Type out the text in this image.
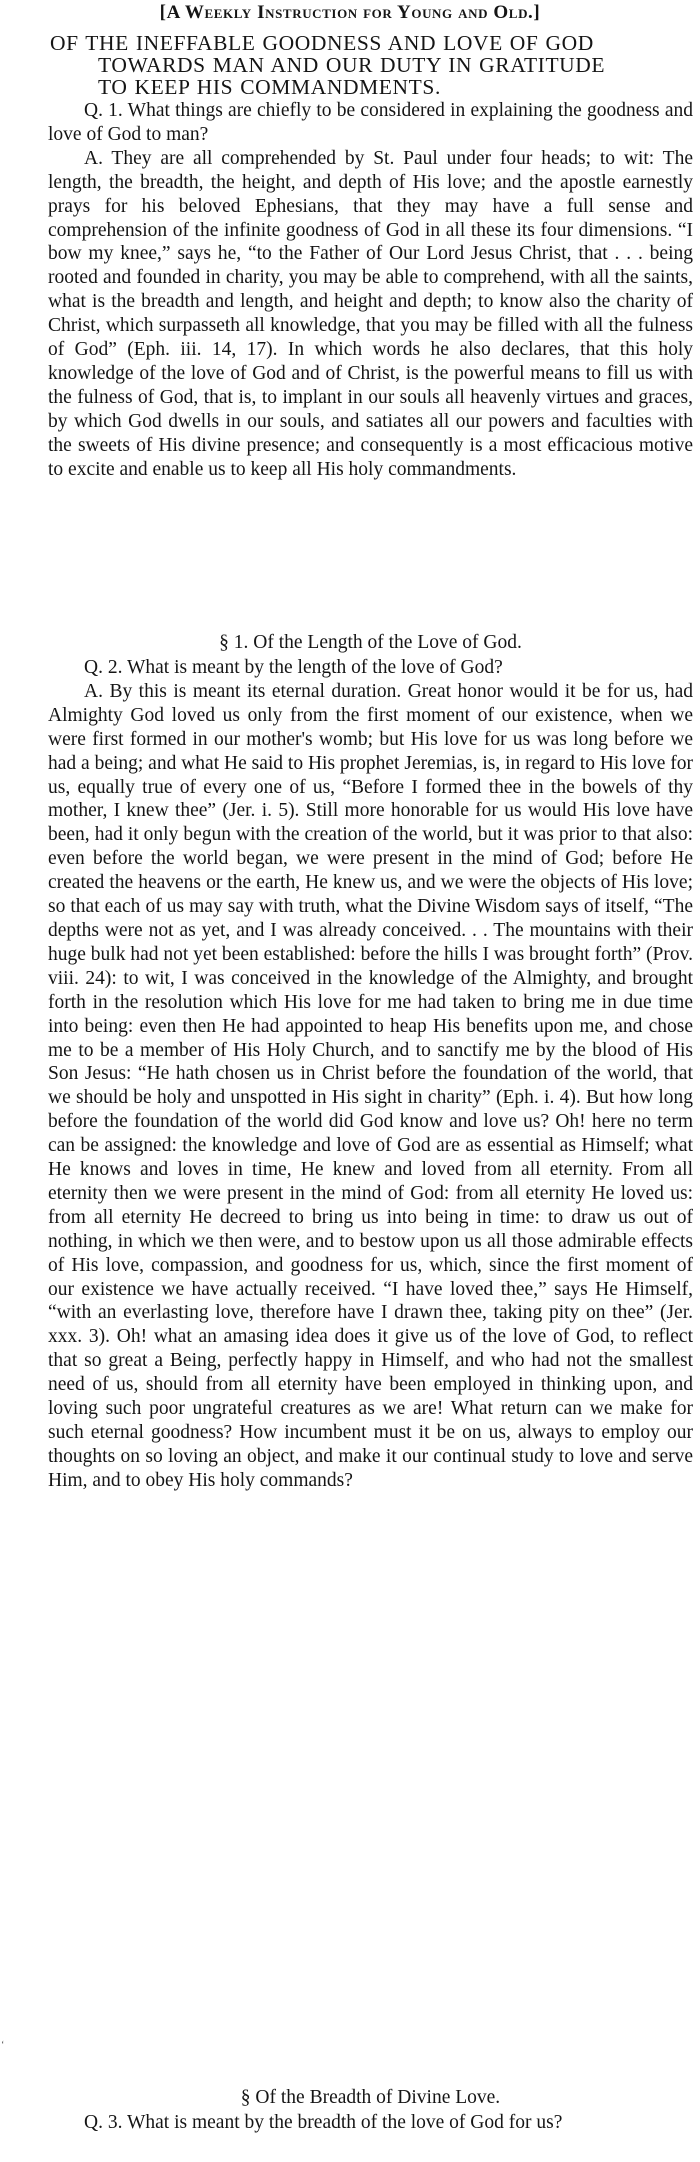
[A Weekly Instruction for Young and Old.]
OF THE INEFFABLE GOODNESS AND LOVE OF GOD
TOWARDS MAN AND OUR DUTY IN GRATITUDE
TO KEEP HIS COMMANDMENTS.

Q. 1. What things are chiefly to be considered in explaining the goodness and love of God to man?

A. They are all comprehended by St. Paul under four heads; to wit: The length, the breadth, the height, and depth of His love; and the apostle earnestly prays for his beloved Ephesians, that they may have a full sense and comprehension of the infinite goodness of God in all these its four dimensions. “I bow my knee,” says he, “to the Father of Our Lord Jesus Christ, that . . . being rooted and founded in charity, you may be able to comprehend, with all the saints, what is the breadth and length, and height and depth; to know also the charity of Christ, which surpasseth all knowledge, that you may be filled with all the fulness of God” (Eph. iii. 14, 17). In which words he also declares, that this holy knowledge of the love of God and of Christ, is the powerful means to fill us with the fulness of God, that is, to implant in our souls all heavenly virtues and graces, by which God dwells in our souls, and satiates all our powers and faculties with the sweets of His divine presence; and consequently is a most efficacious motive to excite and enable us to keep all His holy commandments.

§ 1. Of the Length of the Love of God.

Q. 2. What is meant by the length of the love of God?

A. By this is meant its eternal duration. Great honor would it be for us, had Almighty God loved us only from the first moment of our existence, when we were first formed in our mother's womb; but His love for us was long before we had a being; and what He said to His prophet Jeremias, is, in regard to His love for us, equally true of every one of us, “Before I formed thee in the bowels of thy mother, I knew thee” (Jer. i. 5). Still more honorable for us would His love have been, had it only begun with the creation of the world, but it was prior to that also: even before the world began, we were present in the mind of God; before He created the heavens or the earth, He knew us, and we were the objects of His love; so that each of us may say with truth, what the Divine Wisdom says of itself, “The depths were not as yet, and I was already conceived. . . The mountains with their huge bulk had not yet been established: before the hills I was brought forth” (Prov. viii. 24): to wit, I was conceived in the knowledge of the Almighty, and brought forth in the resolution which His love for me had taken to bring me in due time into being: even then He had appointed to heap His benefits upon me, and chose me to be a member of His Holy Church, and to sanctify me by the blood of His Son Jesus: “He hath chosen us in Christ before the foundation of the world, that we should be holy and unspotted in His sight in charity” (Eph. i. 4). But how long before the foundation of the world did God know and love us? Oh! here no term can be assigned: the knowledge and love of God are as essential as Himself; what He knows and loves in time, He knew and loved from all eternity. From all eternity then we were present in the mind of God: from all eternity He loved us: from all eternity He decreed to bring us into being in time: to draw us out of nothing, in which we then were, and to bestow upon us all those admirable effects of His love, compassion, and goodness for us, which, since the first moment of our existence we have actually received. “I have loved thee,” says He Himself, “with an everlasting love, therefore have I drawn thee, taking pity on thee” (Jer. xxx. 3). Oh! what an amasing idea does it give us of the love of God, to reflect that so great a Being, perfectly happy in Himself, and who had not the smallest need of us, should from all eternity have been employed in thinking upon, and loving such poor ungrateful creatures as we are! What return can we make for such eternal goodness? How incumbent must it be on us, always to employ our thoughts on so loving an object, and make it our continual study to love and serve Him, and to obey His holy commands?

§ Of the Breadth of Divine Love.

Q. 3. What is meant by the breadth of the love of God for us?

‘
